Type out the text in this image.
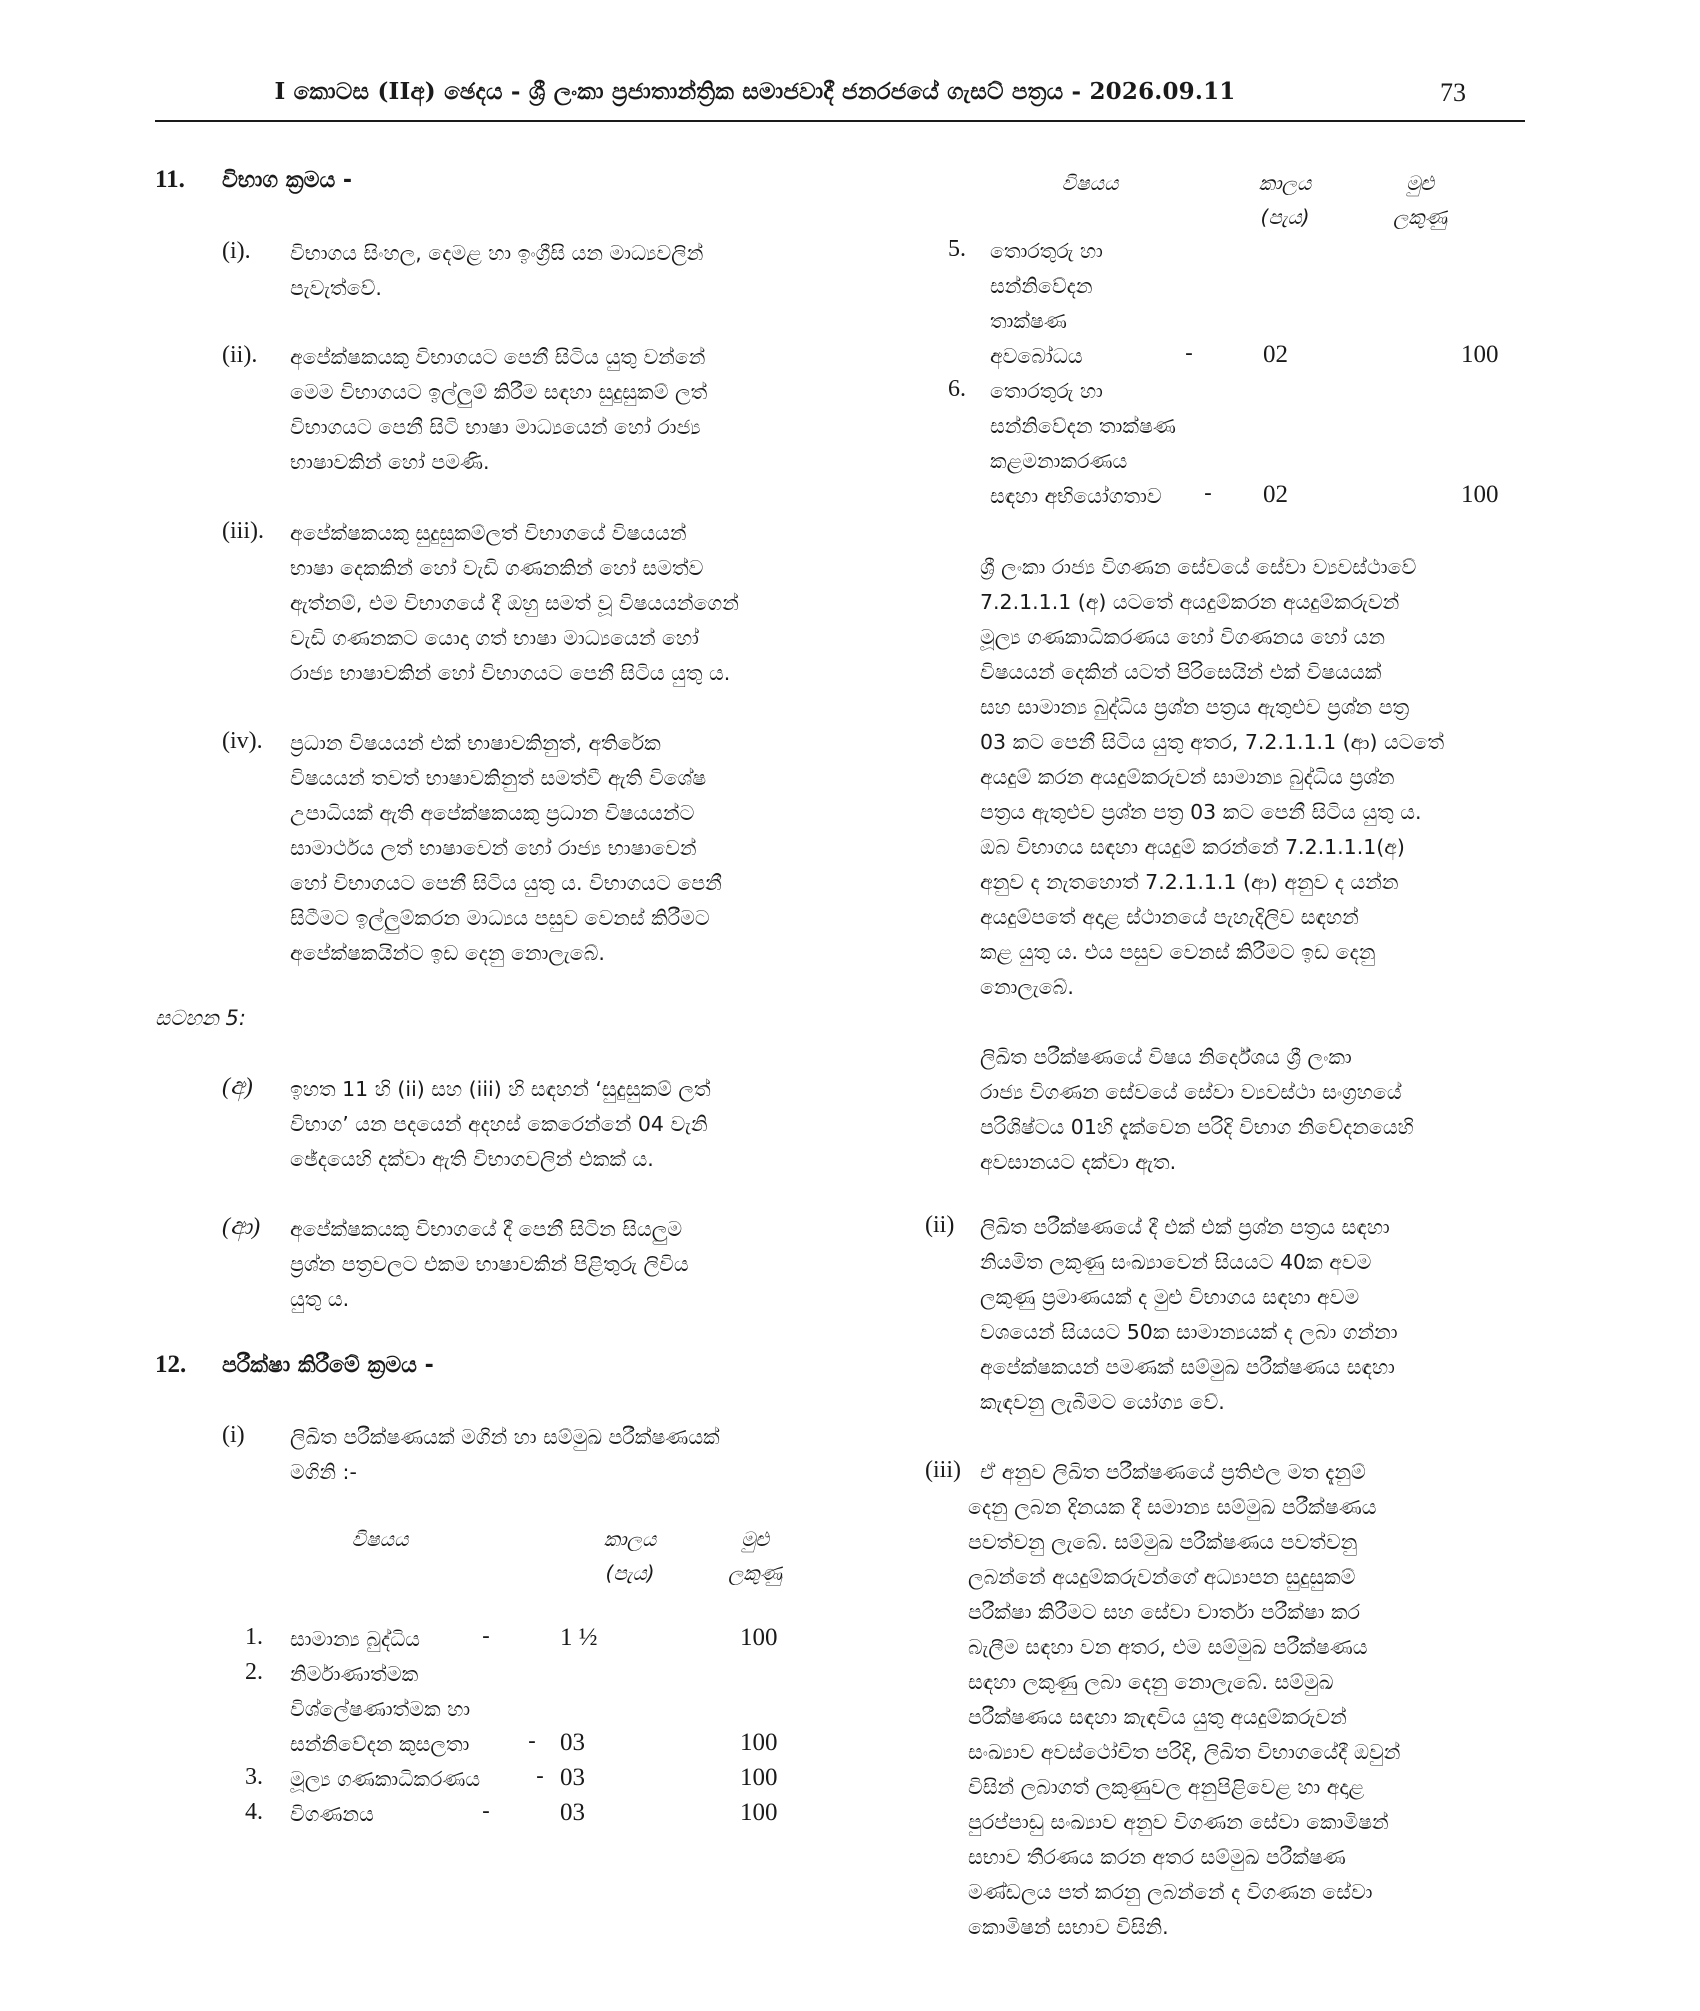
I කොටස (IIඅ) ඡෙදය - ශ්‍රී ලංකා ප්‍රජාතාන්ත්‍රික සමාජවාදී ජනරජයේ ගැසට් පත්‍රය - 2026.09.11	73
11. විභාග ක්‍රමය -
(i). විභාගය සිංහල, දෙමළ හා ඉංග්‍රීසි යන මාධ්‍යවලින්
පැවැත්වේ.
(ii). අපේක්ෂකයකු විභාගයට පෙනී සිටිය යුතු වන්නේ
මෙම විභාගයට ඉල්ලුම් කිරීම සඳහා සුදුසුකම් ලත්
විභාගයට පෙනී සිටි භාෂා මාධ්‍යයෙන් හෝ රාජ්‍ය
භාෂාවකින් හෝ පමණි.
(iii). අපේක්ෂකයකු සුදුසුකම්ලත් විභාගයේ විෂයයන්
භාෂා දෙකකින් හෝ වැඩි ගණනකින් හෝ සමත්ව
ඇත්නම්, එම විභාගයේ දී ඔහු සමත් වූ විෂයයන්ගෙන්
වැඩි ගණනකට යොදා ගත් භාෂා මාධ්‍යයෙන් හෝ
රාජ්‍ය භාෂාවකින් හෝ විභාගයට පෙනී සිටිය යුතු ය.
(iv). ප්‍රධාන විෂයයන් එක් භාෂාවකිනුත්, අතිරේක
විෂයයන් තවත් භාෂාවකිනුත් සමත්වී ඇති විශේෂ
උපාධියක් ඇති අපේක්ෂකයකු ප්‍රධාන විෂයයන්ට
සාමාර්ථය ලත් භාෂාවෙන් හෝ රාජ්‍ය භාෂාවෙන්
හෝ විභාගයට පෙනී සිටිය යුතු ය. විභාගයට පෙනී
සිටීමට ඉල්ලුම්කරන මාධ්‍යය පසුව වෙනස් කිරීමට
අපේක්ෂකයින්ට ඉඩ දෙනු නොලැබේ.
සටහන 5:
(අ) ඉහත 11 හි (ii) සහ (iii) හි සඳහන් ‘සුදුසුකම් ලත්
විභාග’ යන පදයෙන් අදහස් කෙරෙන්නේ 04 වැනි
ඡේදයෙහි දක්වා ඇති විභාගවලින් එකක් ය.
(ආ) අපේක්ෂකයකු විභාගයේ දී පෙනී සිටින සියලුම
ප්‍රශ්න පත්‍රවලට එකම භාෂාවකින් පිළිතුරු ලිවිය
යුතු ය.
12. පරීක්ෂා කිරීමේ ක්‍රමය -
(i) ලිඛිත පරීක්ෂණයක් මගින් හා සම්මුඛ පරීක්ෂණයක්
මගිනි :-
විෂයය	කාලය
(පැය)
මුළු
ලකුණු
1. සාමාන්‍ය බුද්ධිය	-	1 ½	100
2. නිර්මාණාත්මක
විශ්ලේෂණාත්මක හා
සන්නිවේදන කුසලතා	- 03	100
3. මූල්‍ය ගණකාධිකරණය	- 03	100
4. විගණනය	-	03	100
විෂයය	කාලය
(පැය)
මුළු
ලකුණු
5. තොරතුරු හා
සන්නිවේදන
තාක්ෂණ
අවබෝධය	-	02	100
6. තොරතුරු හා
සන්නිවේදන තාක්ෂණ
කළමනාකරණය
සඳහා අභියෝගතාව	- 02	100
ශ්‍රී ලංකා රාජ්‍ය විගණන සේවයේ සේවා ව්‍යවස්ථාවේ
7.2.1.1.1 (අ) යටතේ අයදුම්කරන අයදුම්කරුවන්
මූල්‍ය ගණකාධිකරණය හෝ විගණනය හෝ යන
විෂයයන් දෙකින් යටත් පිරිසෙයින් එක් විෂයයක්
සහ සාමාන්‍ය බුද්ධිය ප්‍රශ්න පත්‍රය ඇතුළුව ප්‍රශ්න පත්‍ර
03 කට පෙනී සිටිය යුතු අතර, 7.2.1.1.1 (ආ) යටතේ
අයදුම් කරන අයදුම්කරුවන් සාමාන්‍ය බුද්ධිය ප්‍රශ්න
පත්‍රය ඇතුළුව ප්‍රශ්න පත්‍ර 03 කට පෙනී සිටිය යුතු ය.
ඔබ විභාගය සඳහා අයදුම් කරන්නේ 7.2.1.1.1(අ)
අනුව ද නැතහොත් 7.2.1.1.1 (ආ) අනුව ද යන්න
අයදුම්පතේ අදාළ ස්ථානයේ පැහැදිලිව සඳහන්
කළ යුතු ය. එය පසුව වෙනස් කිරීමට ඉඩ දෙනු
නොලැබේ.
ලිඛිත පරීක්ෂණයේ විෂය නිර්දේශය ශ්‍රී ලංකා
රාජ්‍ය විගණන සේවයේ සේවා ව්‍යවස්ථා සංග්‍රහයේ
පරිශිෂ්ටය 01හි දැක්වෙන පරිදි විභාග නිවේදනයෙහි
අවසානයට දක්වා ඇත.
(ii) ලිඛිත පරීක්ෂණයේ දී එක් එක් ප්‍රශ්න පත්‍රය සඳහා
නියමිත ලකුණු සංඛ්‍යාවෙන් සියයට 40ක අවම
ලකුණු ප්‍රමාණයක් ද මුළු විභාගය සඳහා අවම
වශයෙන් සියයට 50ක සාමාන්‍යයක් ද ලබා ගන්නා
අපේක්ෂකයන් පමණක් සම්මුඛ පරීක්ෂණය සඳහා
කැඳවනු ලැබීමට යෝග්‍ය වේ.
(iii) ඒ අනුව ලිඛිත පරීක්ෂණයේ ප්‍රතිඵල මත දැනුම්
දෙනු ලබන දිනයක දී සමාන්‍ය සම්මුඛ පරීක්ෂණය
පවත්වනු ලැබේ. සම්මුඛ පරීක්ෂණය පවත්වනු
ලබන්නේ අයදුම්කරුවන්ගේ අධ්‍යාපන සුදුසුකම්
පරීක්ෂා කිරීමට සහ සේවා වාර්තා පරීක්ෂා කර
බැලීම සඳහා වන අතර, එම සම්මුඛ පරීක්ෂණය
සඳහා ලකුණු ලබා දෙනු නොලැබේ. සම්මුඛ
පරීක්ෂණය සඳහා කැඳවිය යුතු අයදුම්කරුවන්
සංඛ්‍යාව අවස්ථෝචිත පරිදි, ලිඛිත විභාගයේදී ඔවුන්
විසින් ලබාගත් ලකුණුවල අනුපිළිවෙළ හා අදාළ
පුරප්පාඩු සංඛ්‍යාව අනුව විගණන සේවා කොමිෂන්
සභාව තීරණය කරන අතර සම්මුඛ පරීක්ෂණ
මණ්ඩලය පත් කරනු ලබන්නේ ද විගණන සේවා
කොමිෂන් සභාව විසිනි.
